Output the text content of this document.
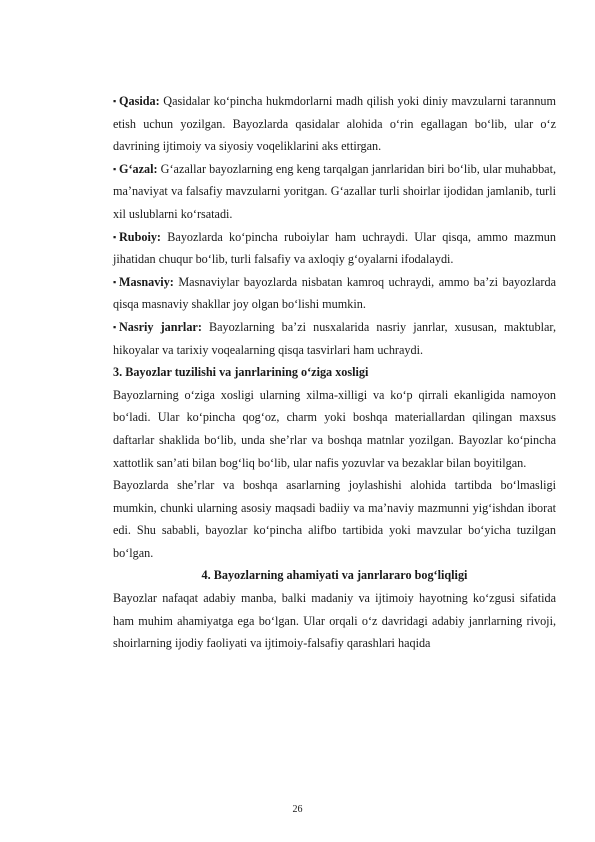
▪ Qasida: Qasidalar ko‘pincha hukmdorlarni madh qilish yoki diniy mavzularni tarannum etish uchun yozilgan. Bayozlarda qasidalar alohida o‘rin egallagan bo‘lib, ular o‘z davrining ijtimoiy va siyosiy voqeliklarini aks ettirgan.

▪ G‘azal: G‘azallar bayozlarning eng keng tarqalgan janrlaridan biri bo‘lib, ular muhabbat, ma’naviyat va falsafiy mavzularni yoritgan. G‘azallar turli shoirlar ijodidan jamlanib, turli xil uslublarni ko‘rsatadi.

▪ Ruboiy: Bayozlarda ko‘pincha ruboiylar ham uchraydi. Ular qisqa, ammo mazmun jihatidan chuqur bo‘lib, turli falsafiy va axloqiy g‘oyalarni ifodalaydi.

▪ Masnaviy: Masnaviylar bayozlarda nisbatan kamroq uchraydi, ammo ba’zi bayozlarda qisqa masnaviy shakllar joy olgan bo‘lishi mumkin.

▪ Nasriy janrlar: Bayozlarning ba’zi nusxalarida nasriy janrlar, xususan, maktublar, hikoyalar va tarixiy voqealarning qisqa tasvirlari ham uchraydi.

3. Bayozlar tuzilishi va janrlarining o‘ziga xosligi

Bayozlarning o‘ziga xosligi ularning xilma-xilligi va ko‘p qirrali ekanligida namoyon bo‘ladi. Ular ko‘pincha qog‘oz, charm yoki boshqa materiallardan qilingan maxsus daftarlar shaklida bo‘lib, unda she’rlar va boshqa matnlar yozilgan. Bayozlar ko‘pincha xattotlik san’ati bilan bog‘liq bo‘lib, ular nafis yozuvlar va bezaklar bilan boyitilgan.

Bayozlarda she’rlar va boshqa asarlarning joylashishi alohida tartibda bo‘lmasligi mumkin, chunki ularning asosiy maqsadi badiiy va ma’naviy mazmunni yig‘ishdan iborat edi. Shu sababli, bayozlar ko‘pincha alifbo tartibida yoki mavzular bo‘yicha tuzilgan bo‘lgan.

4. Bayozlarning ahamiyati va janrlararo bog‘liqligi

Bayozlar nafaqat adabiy manba, balki madaniy va ijtimoiy hayotning ko‘zgusi sifatida ham muhim ahamiyatga ega bo‘lgan. Ular orqali o‘z davridagi adabiy janrlarning rivoji, shoirlarning ijodiy faoliyati va ijtimoiy-falsafiy qarashlari haqida

26
